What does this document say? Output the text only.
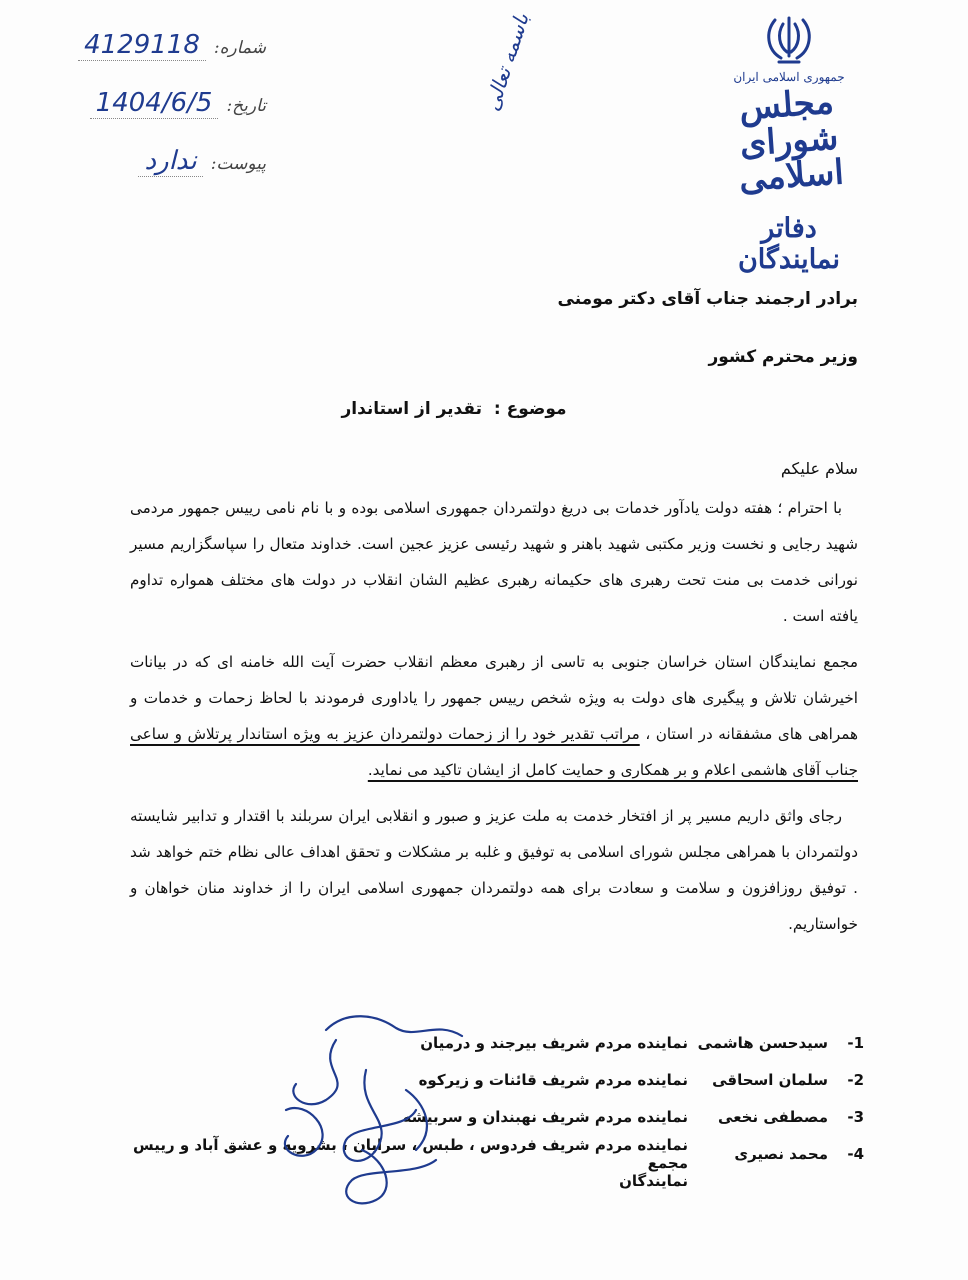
جمهوری اسلامی ایران
مجلس شورای اسلامی
دفاتر نمایندگان
باسمه تعالی
شماره:
4129118
تاریخ:
1404/6/5
پیوست:
ندارد
برادر ارجمند جناب آقای دکتر مومنی
وزیر محترم کشور
موضوع : تقدیر از استاندار
سلام علیکم

با احترام ؛ هفته دولت یادآور خدمات بی دریغ دولتمردان جمهوری اسلامی بوده و با نام نامی رییس جمهور مردمی شهید رجایی و نخست وزیر مکتبی شهید باهنر و شهید رئیسی عزیز عجین است. خداوند متعال را سپاسگزاریم مسیر نورانی خدمت بی منت تحت رهبری های حکیمانه رهبری عظیم الشان انقلاب در دولت های مختلف همواره تداوم یافته است .

مجمع نمایندگان استان خراسان جنوبی به تاسی از رهبری معظم انقلاب حضرت آیت الله خامنه ای که در بیانات اخیرشان تلاش و پیگیری های دولت به ویژه شخص رییس جمهور را یاداوری فرمودند با لحاظ زحمات و خدمات و همراهی های مشفقانه در استان ، مراتب تقدیر خود را از زحمات دولتمردان عزیز به ویژه استاندار پرتلاش و ساعی جناب آقای هاشمی اعلام و بر همکاری و حمایت کامل از ایشان تاکید می نماید.

رجای واثق داریم مسیر پر از افتخار خدمت به ملت عزیز و صبور و انقلابی ایران سربلند با اقتدار و تدابیر شایسته دولتمردان با همراهی مجلس شورای اسلامی به توفیق و غلبه بر مشکلات و تحقق اهداف عالی نظام ختم خواهد شد . توفیق روزافزون و سلامت و سعادت برای همه دولتمردان جمهوری اسلامی ایران را از خداوند منان خواهان و خواستاریم.

1-
سیدحسن هاشمی
نماینده مردم شریف بیرجند و درمیان
2-
سلمان اسحاقی
نماینده مردم شریف قائنات و زیرکوه
3-
مصطفی نخعی
نماینده مردم شریف نهبندان و سربیشه
4-
محمد نصیری
نماینده مردم شریف فردوس ، طبس ، سرایان ، بشرویه و عشق آباد و رییس مجمع
نمایندگان
